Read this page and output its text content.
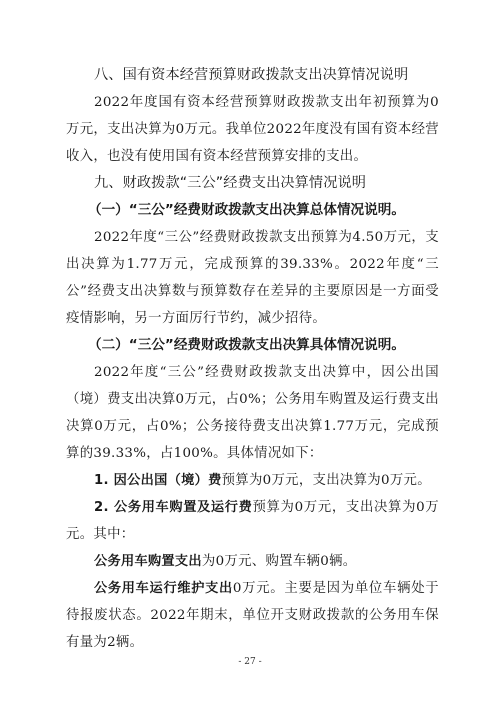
八、国有资本经营预算财政拨款支出决算情况说明

2022年度国有资本经营预算财政拨款支出年初预算为0万元，支出决算为0万元。我单位2022年度没有国有资本经营收入，也没有使用国有资本经营预算安排的支出。

九、财政拨款“三公”经费支出决算情况说明

（一）“三公”经费财政拨款支出决算总体情况说明。

2022年度“三公”经费财政拨款支出预算为4.50万元，支出决算为1.77万元，完成预算的39.33%。2022年度“三公”经费支出决算数与预算数存在差异的主要原因是一方面受疫情影响，另一方面厉行节约，减少招待。

（二）“三公”经费财政拨款支出决算具体情况说明。

2022年度“三公”经费财政拨款支出决算中，因公出国（境）费支出决算0万元，占0%；公务用车购置及运行费支出决算0万元，占0%；公务接待费支出决算1.77万元，完成预算的39.33%，占100%。具体情况如下：

1. 因公出国（境）费预算为0万元，支出决算为0万元。

2. 公务用车购置及运行费预算为0万元，支出决算为0万元。其中：

公务用车购置支出为0万元、购置车辆0辆。

公务用车运行维护支出0万元。主要是因为单位车辆处于待报废状态。2022年期末，单位开支财政拨款的公务用车保有量为2辆。

- 27 -
